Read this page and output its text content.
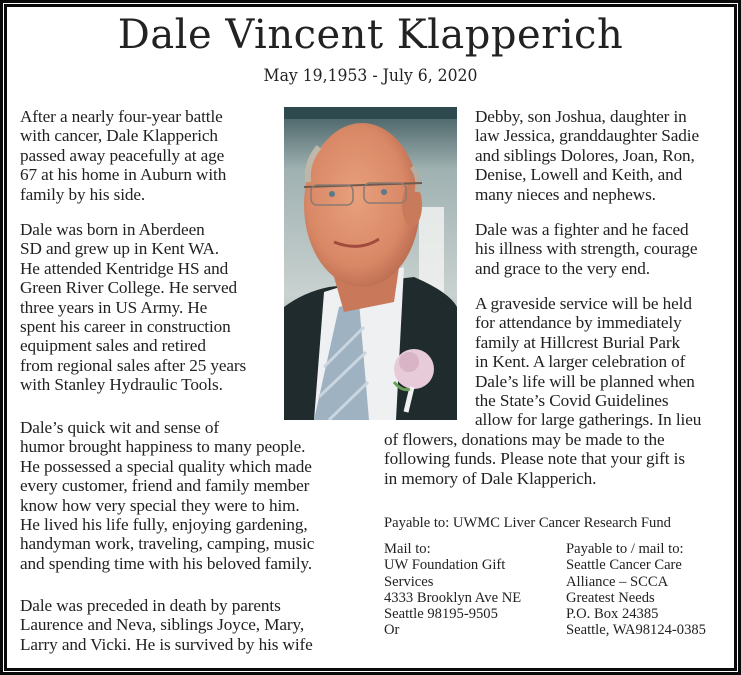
Dale Vincent Klapperich
May 19,1953 - July 6, 2020
After a nearly four-year battle
with cancer, Dale Klapperich
passed away peacefully at age
67 at his home in Auburn with
family by his side.
Dale was born in Aberdeen
SD and grew up in Kent WA.
He attended Kentridge HS and
Green River College. He served
three years in US Army. He
spent his career in construction
equipment sales and retired
from regional sales after 25 years
with Stanley Hydraulic Tools.
Dale’s quick wit and sense of
humor brought happiness to many people.
He possessed a special quality which made
every customer, friend and family member
know how very special they were to him.
He lived his life fully, enjoying gardening,
handyman work, traveling, camping, music
and spending time with his beloved family.
Dale was preceded in death by parents
Laurence and Neva, siblings Joyce, Mary,
Larry and Vicki. He is survived by his wife
Debby, son Joshua, daughter in
law Jessica, granddaughter Sadie
and siblings Dolores, Joan, Ron,
Denise, Lowell and Keith, and
many nieces and nephews.
Dale was a fighter and he faced
his illness with strength, courage
and grace to the very end.
A graveside service will be held
for attendance by immediately
family at Hillcrest Burial Park
in Kent. A larger celebration of
Dale’s life will be planned when
the State’s Covid Guidelines
allow for large gatherings. In lieu
of flowers, donations may be made to the
following funds. Please note that your gift is
in memory of Dale Klapperich.
Payable to: UWMC Liver Cancer Research Fund
Mail to:
UW Foundation Gift
Services
4333 Brooklyn Ave NE
Seattle 98195-9505
Or
Payable to / mail to:
Seattle Cancer Care
Alliance – SCCA
Greatest Needs
P.O. Box 24385
Seattle, WA98124-0385
